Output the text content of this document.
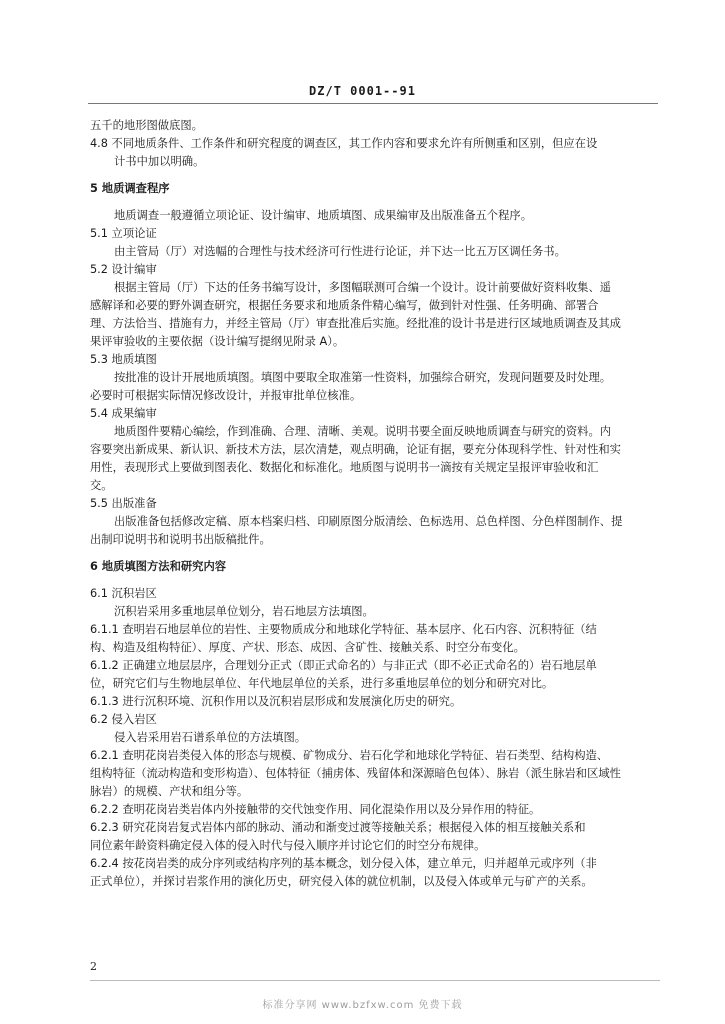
DZ/T 0001--91
五千的地形图做底图。
4.8 不同地质条件、工作条件和研究程度的调查区，其工作内容和要求允许有所侧重和区别，但应在设
计书中加以明确。
5 地质调查程序
地质调查一般遵循立项论证、设计编审、地质填图、成果编审及出版准备五个程序。
5.1 立项论证
由主管局（厅）对选幅的合理性与技术经济可行性进行论证，并下达一比五万区调任务书。
5.2 设计编审
根据主管局（厅）下达的任务书编写设计，多图幅联测可合编一个设计。设计前要做好资料收集、遥
感解译和必要的野外调查研究，根据任务要求和地质条件精心编写，做到针对性强、任务明确、部署合
理、方法恰当、措施有力，并经主管局（厅）审查批准后实施。经批准的设计书是进行区域地质调查及其成
果评审验收的主要依据（设计编写提纲见附录 A）。
5.3 地质填图
按批准的设计开展地质填图。填图中要取全取准第一性资料，加强综合研究，发现问题要及时处理。
必要时可根据实际情况修改设计，并报审批单位核准。
5.4 成果编审
地质图件要精心编绘，作到准确、合理、清晰、美观。说明书要全面反映地质调查与研究的资料。内
容要突出新成果、新认识、新技术方法，层次清楚，观点明确，论证有据，要充分体现科学性、针对性和实
用性，表现形式上要做到图表化、数据化和标准化。地质图与说明书一滴按有关规定呈报评审验收和汇
交。
5.5 出版准备
出版准备包括修改定稿、原本档案归档、印刷原图分版清绘、色标选用、总色样图、分色样图制作、提
出制印说明书和说明书出版稿批件。
6 地质填图方法和研究内容
6.1 沉积岩区
沉积岩采用多重地层单位划分，岩石地层方法填图。
6.1.1 查明岩石地层单位的岩性、主要物质成分和地球化学特征、基本层序、化石内容、沉积特征（结
构、构造及组构特征）、厚度、产状、形态、成因、含矿性、接触关系、时空分布变化。
6.1.2 正确建立地层层序，合理划分正式（即正式命名的）与非正式（即不必正式命名的）岩石地层单
位，研究它们与生物地层单位、年代地层单位的关系，进行多重地层单位的划分和研究对比。
6.1.3 进行沉积环境、沉积作用以及沉积岩层形成和发展演化历史的研究。
6.2 侵入岩区
侵入岩采用岩石谱系单位的方法填图。
6.2.1 查明花岗岩类侵入体的形态与规模、矿物成分、岩石化学和地球化学特征、岩石类型、结构构造、
组构特征（流动构造和变形构造）、包体特征（捕虏体、残留体和深源暗色包体）、脉岩（派生脉岩和区域性
脉岩）的规模、产状和组分等。
6.2.2 查明花岗岩类岩体内外接触带的交代蚀变作用、同化混染作用以及分异作用的特征。
6.2.3 研究花岗岩复式岩体内部的脉动、涌动和渐变过渡等接触关系；根据侵入体的相互接触关系和
同位素年龄资料确定侵入体的侵入时代与侵入顺序并讨论它们的时空分布规律。
6.2.4 按花岗岩类的成分序列或结构序列的基本概念，划分侵入体，建立单元，归并超单元或序列（非
正式单位），并探讨岩浆作用的演化历史，研究侵入体的就位机制，以及侵入体或单元与矿产的关系。
2
标准分享网 www.bzfxw.com 免费下载
